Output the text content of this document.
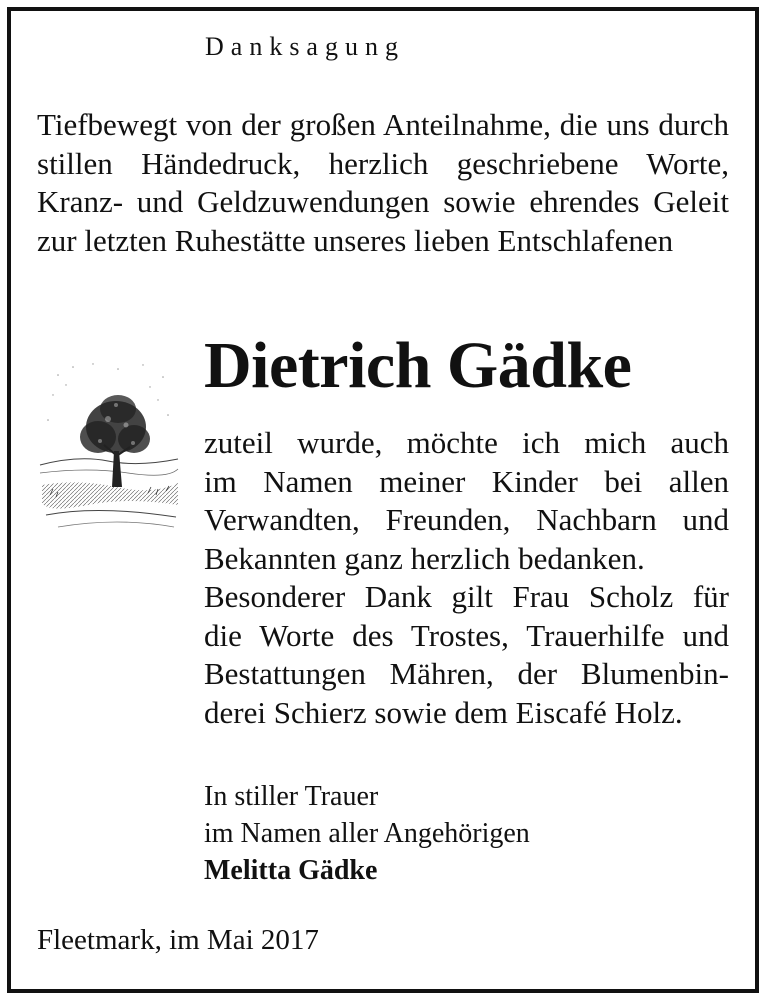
Danksagung

Tiefbewegt von der großen Anteilnahme, die uns durch stillen Händedruck, herzlich geschriebene Worte, Kranz- und Geldzuwendungen sowie ehrendes Geleit zur letzten Ruhestätte unseres lieben Entschlafenen

Dietrich Gädke
zuteil wurde, möchte ich mich auch
im Namen meiner Kinder bei allen
Verwandten, Freunden, Nachbarn und
Bekannten ganz herzlich bedanken.
Besonderer Dank gilt Frau Scholz für
die Worte des Trostes, Trauerhilfe und
Bestattungen Mähren, der Blumenbin-
derei Schierz sowie dem Eiscafé Holz.
In stiller Trauer
im Namen aller Angehörigen
Melitta Gädke

Fleetmark, im Mai 2017
